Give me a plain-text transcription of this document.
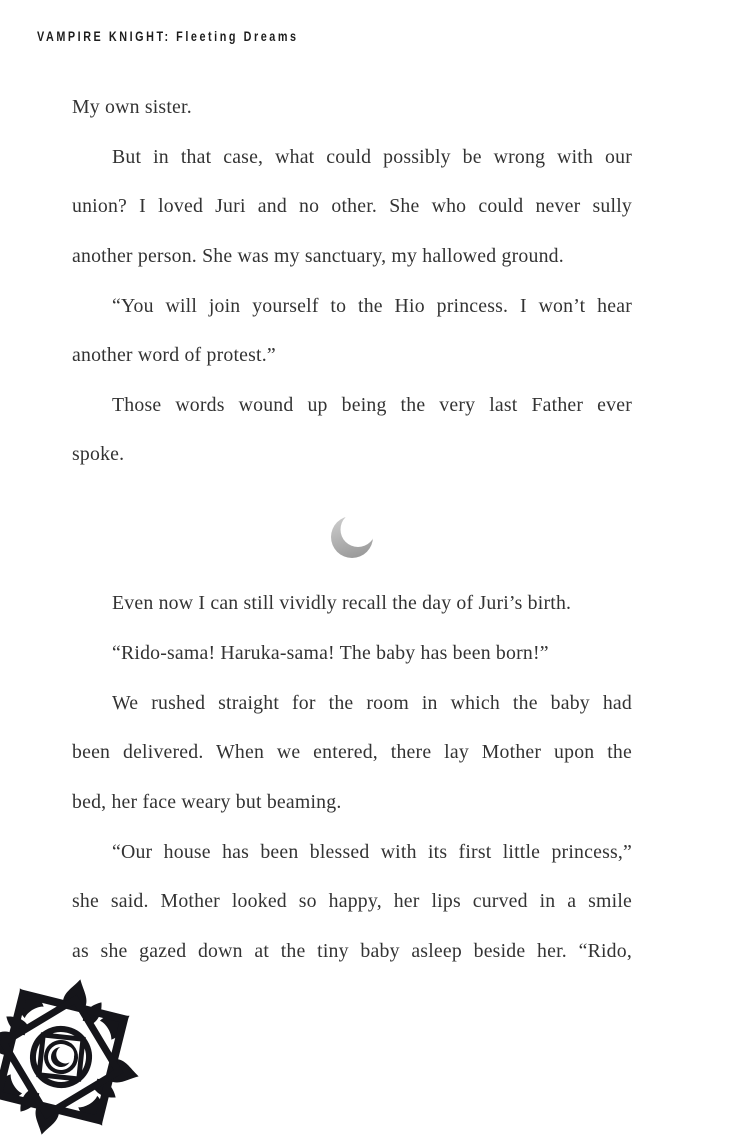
VAMPIRE KNIGHT: Fleeting Dreams
My own sister.
But in that case, what could possibly be wrong with our
union? I loved Juri and no other. She who could never sully
another person. She was my sanctuary, my hallowed ground.
“You will join yourself to the Hio princess. I won’t hear
another word of protest.”
Those words wound up being the very last Father ever
spoke.
Even now I can still vividly recall the day of Juri’s birth.
“Rido-sama! Haruka-sama! The baby has been born!”
We rushed straight for the room in which the baby had
been delivered. When we entered, there lay Mother upon the
bed, her face weary but beaming.
“Our house has been blessed with its first little princess,”
she said. Mother looked so happy, her lips curved in a smile
as she gazed down at the tiny baby asleep beside her. “Rido,
